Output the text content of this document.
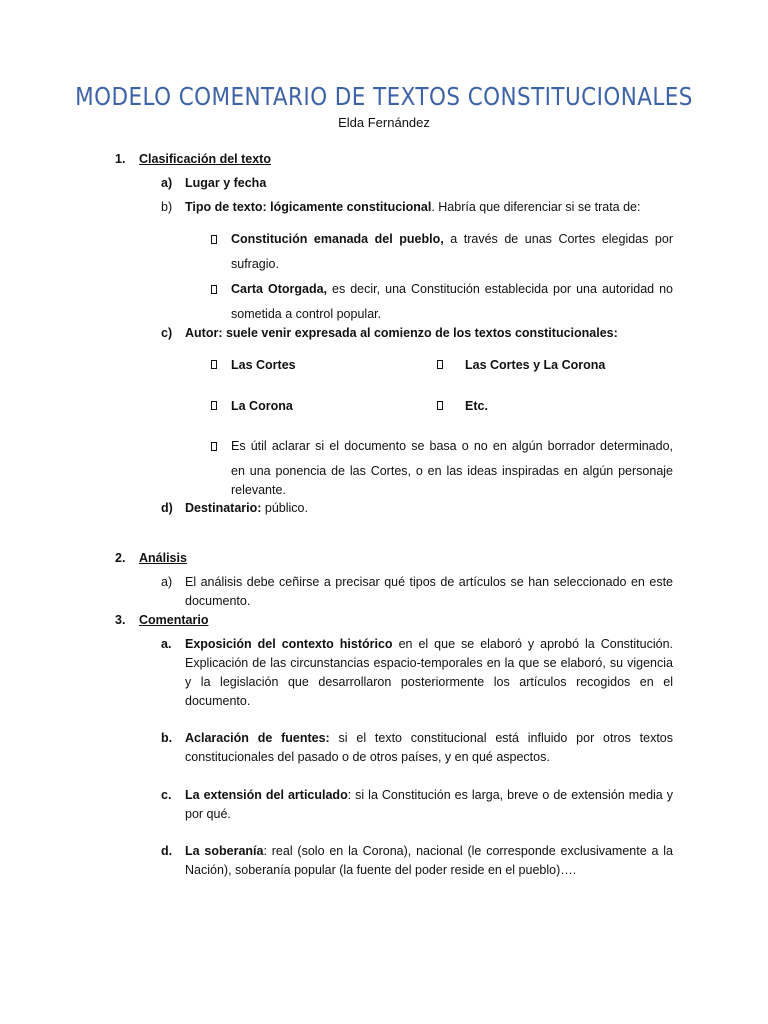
MODELO COMENTARIO DE TEXTOS CONSTITUCIONALES
Elda Fernández
1. Clasificación del texto
a) Lugar y fecha
b) Tipo de texto: lógicamente constitucional. Habría que diferenciar si se trata de:
Constitución emanada del pueblo, a través de unas Cortes elegidas por
sufragio.
Carta Otorgada, es decir, una Constitución establecida por una autoridad no
sometida a control popular.
c) Autor: suele venir expresada al comienzo de los textos constitucionales:
Las Cortes	Las Cortes y La Corona
La Corona	Etc.
Es útil aclarar si el documento se basa o no en algún borrador determinado,
en una ponencia de las Cortes, o en las ideas inspiradas en algún personaje
relevante.
d) Destinatario: público.
2. Análisis
a) El análisis debe ceñirse a precisar qué tipos de artículos se han seleccionado en este
documento.
3. Comentario
a. Exposición del contexto histórico en el que se elaboró y aprobó la Constitución. Explicación de las circunstancias espacio-temporales en la que se elaboró, su vigencia y la legislación que desarrollaron posteriormente los artículos recogidos en el documento.
b. Aclaración de fuentes: si el texto constitucional está influido por otros textos constitucionales del pasado o de otros países, y en qué aspectos.
c. La extensión del articulado: si la Constitución es larga, breve o de extensión media y por qué.
d. La soberanía: real (solo en la Corona), nacional (le corresponde exclusivamente a la Nación), soberanía popular (la fuente del poder reside en el pueblo)….
